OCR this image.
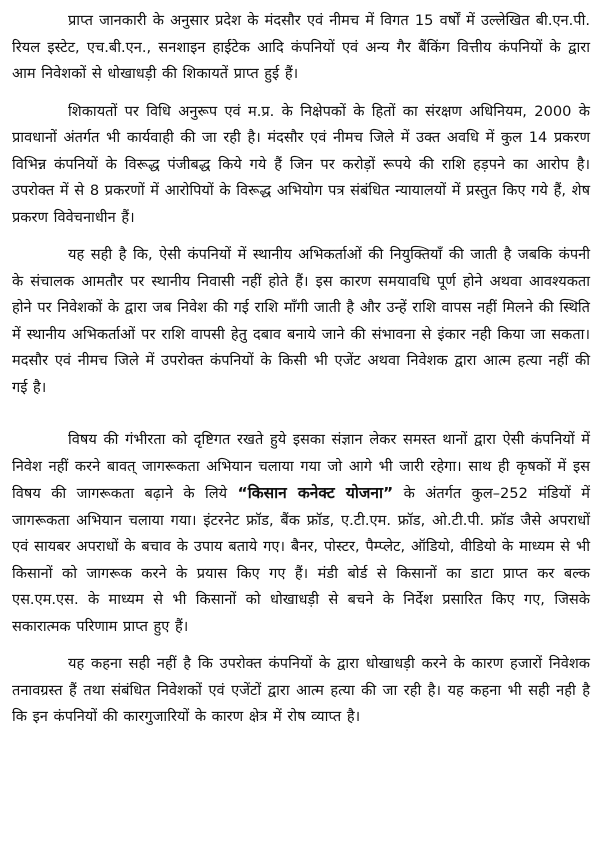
प्राप्त जानकारी के अनुसार प्रदेश के मंदसौर एवं नीमच में विगत 15 वर्षों में उल्लेखित बी.एन.पी. रियल इस्टेट, एच.बी.एन., सनशाइन हाईटेक आदि कंपनियों एवं अन्य गैर बैंकिंग वित्तीय कंपनियों के द्वारा आम निवेशकों से धोखाधड़ी की शिकायतें प्राप्त हुई हैं।

शिकायतों पर विधि अनुरूप एवं म.प्र. के निक्षेपकों के हितों का संरक्षण अधिनियम, 2000 के प्रावधानों अंतर्गत भी कार्यवाही की जा रही है। मंदसौर एवं नीमच जिले में उक्त अवधि में कुल 14 प्रकरण विभिन्न कंपनियों के विरूद्ध पंजीबद्ध किये गये हैं जिन पर करोड़ों रूपये की राशि हड़पने का आरोप है। उपरोक्त में से 8 प्रकरणों में आरोपियों के विरूद्ध अभियोग पत्र संबंधित न्यायालयों में प्रस्तुत किए गये हैं, शेष प्रकरण विवेचनाधीन हैं।

यह सही है कि, ऐसी कंपनियों में स्थानीय अभिकर्ताओं की नियुक्तियाँ की जाती है जबकि कंपनी के संचालक आमतौर पर स्थानीय निवासी नहीं होते हैं। इस कारण समयावधि पूर्ण होने अथवा आवश्यकता होने पर निवेशकों के द्वारा जब निवेश की गई राशि माँगी जाती है और उन्हें राशि वापस नहीं मिलने की स्थिति में स्थानीय अभिकर्ताओं पर राशि वापसी हेतु दबाव बनाये जाने की संभावना से इंकार नही किया जा सकता। मदसौर एवं नीमच जिले में उपरोक्त कंपनियों के किसी भी एजेंट अथवा निवेशक द्वारा आत्म हत्या नहीं की गई है।

विषय की गंभीरता को दृष्टिगत रखते हुये इसका संज्ञान लेकर समस्त थानों द्वारा ऐसी कंपनियों में निवेश नहीं करने बावत् जागरूकता अभियान चलाया गया जो आगे भी जारी रहेगा। साथ ही कृषकों में इस विषय की जागरूकता बढ़ाने के लिये “किसान कनेक्ट योजना” के अंतर्गत कुल–252 मंडियों में जागरूकता अभियान चलाया गया। इंटरनेट फ्रॉड, बैंक फ्रॉड, ए.टी.एम. फ्रॉड, ओ.टी.पी. फ्रॉड जैसे अपराधों एवं सायबर अपराधों के बचाव के उपाय बताये गए। बैनर, पोस्टर, पैम्प्लेट, ऑडियो, वीडियो के माध्यम से भी किसानों को जागरूक करने के प्रयास किए गए हैं। मंडी बोर्ड से किसानों का डाटा प्राप्त कर बल्क एस.एम.एस. के माध्यम से भी किसानों को धोखाधड़ी से बचने के निर्देश प्रसारित किए गए, जिसके सकारात्मक परिणाम प्राप्त हुए हैं।

यह कहना सही नहीं है कि उपरोक्त कंपनियों के द्वारा धोखाधड़ी करने के कारण हजारों निवेशक तनावग्रस्त हैं तथा संबंधित निवेशकों एवं एजेंटों द्वारा आत्म हत्या की जा रही है। यह कहना भी सही नही है कि इन कंपनियों की कारगुजारियों के कारण क्षेत्र में रोष व्याप्त है।
